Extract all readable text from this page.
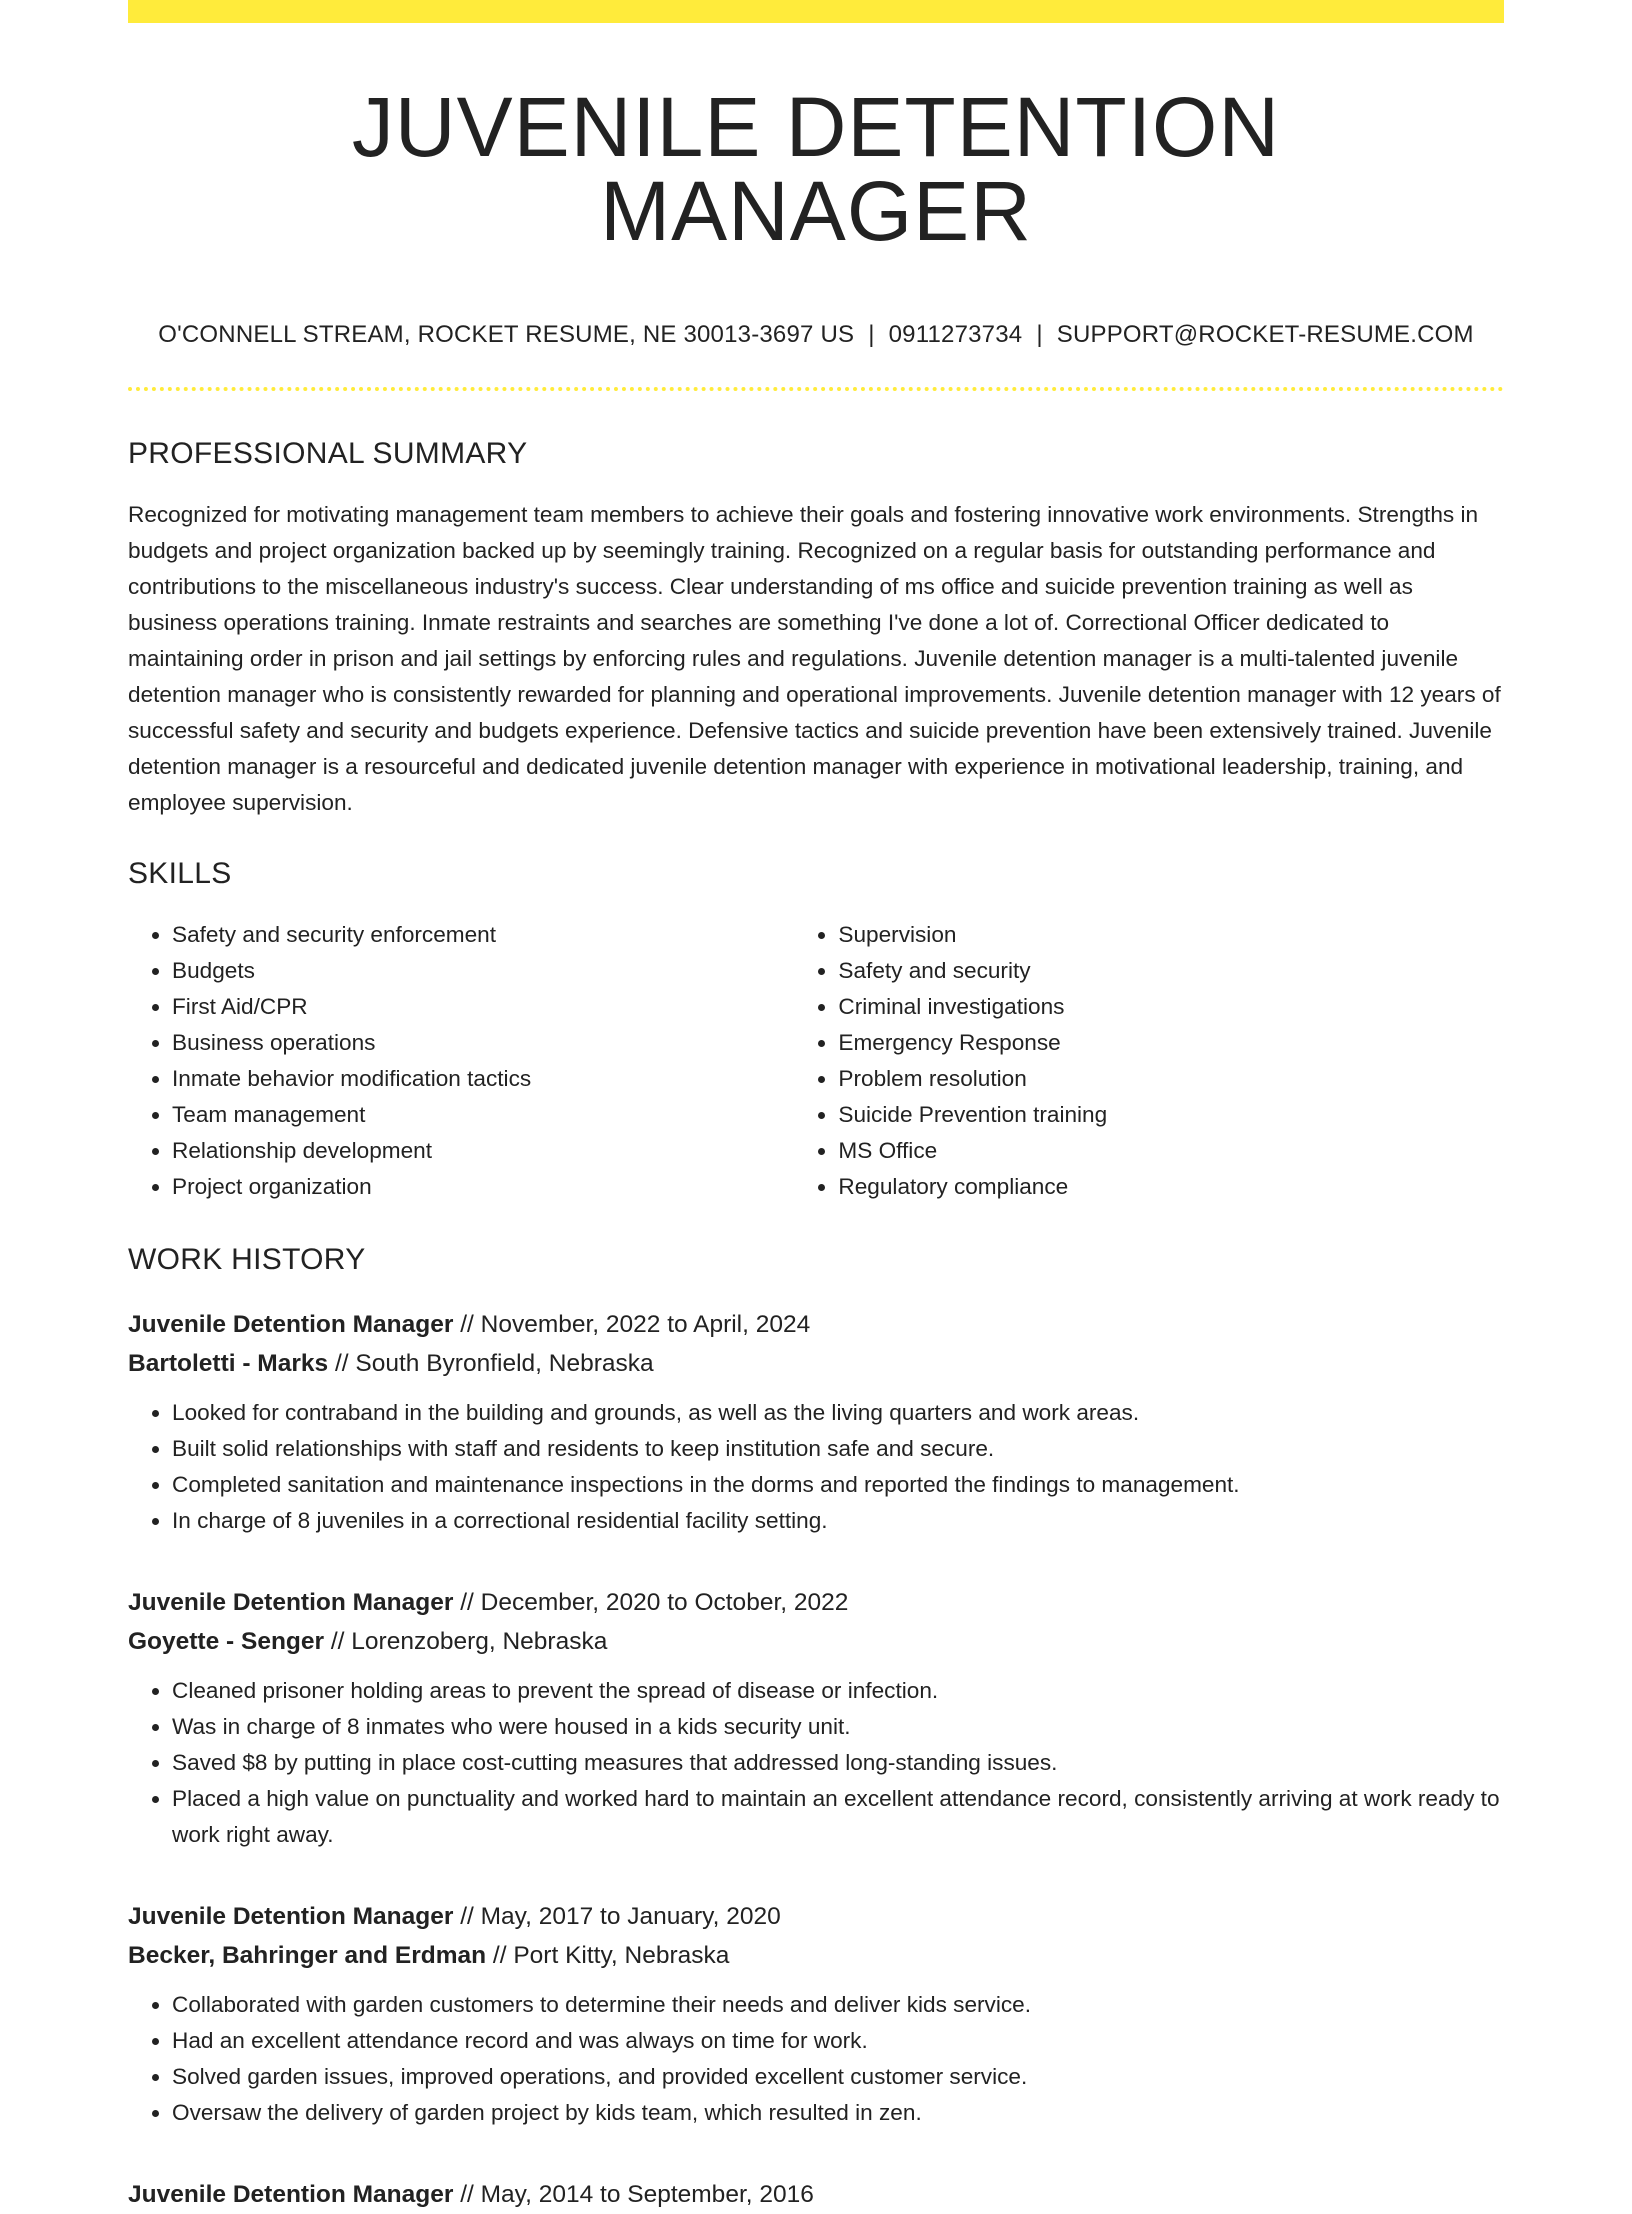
JUVENILE DETENTION MANAGER
O'CONNELL STREAM, ROCKET RESUME, NE 30013-3697 US | 0911273734 | SUPPORT@ROCKET-RESUME.COM
PROFESSIONAL SUMMARY

Recognized for motivating management team members to achieve their goals and fostering innovative work environments. Strengths in budgets and project organization backed up by seemingly training. Recognized on a regular basis for outstanding performance and contributions to the miscellaneous industry's success. Clear understanding of ms office and suicide prevention training as well as business operations training. Inmate restraints and searches are something I've done a lot of. Correctional Officer dedicated to maintaining order in prison and jail settings by enforcing rules and regulations. Juvenile detention manager is a multi-talented juvenile detention manager who is consistently rewarded for planning and operational improvements. Juvenile detention manager with 12 years of successful safety and security and budgets experience. Defensive tactics and suicide prevention have been extensively trained. Juvenile detention manager is a resourceful and dedicated juvenile detention manager with experience in motivational leadership, training, and employee supervision.

SKILLS
• Safety and security enforcement
• Budgets
• First Aid/CPR
• Business operations
• Inmate behavior modification tactics
• Team management
• Relationship development
• Project organization
• Supervision
• Safety and security
• Criminal investigations
• Emergency Response
• Problem resolution
• Suicide Prevention training
• MS Office
• Regulatory compliance
WORK HISTORY
Juvenile Detention Manager // November, 2022 to April, 2024
Bartoletti - Marks // South Byronfield, Nebraska
• Looked for contraband in the building and grounds, as well as the living quarters and work areas.
• Built solid relationships with staff and residents to keep institution safe and secure.
• Completed sanitation and maintenance inspections in the dorms and reported the findings to management.
• In charge of 8 juveniles in a correctional residential facility setting.
Juvenile Detention Manager // December, 2020 to October, 2022
Goyette - Senger // Lorenzoberg, Nebraska
• Cleaned prisoner holding areas to prevent the spread of disease or infection.
• Was in charge of 8 inmates who were housed in a kids security unit.
• Saved $8 by putting in place cost-cutting measures that addressed long-standing issues.
• Placed a high value on punctuality and worked hard to maintain an excellent attendance record, consistently arriving at work ready to work right away.
Juvenile Detention Manager // May, 2017 to January, 2020
Becker, Bahringer and Erdman // Port Kitty, Nebraska
• Collaborated with garden customers to determine their needs and deliver kids service.
• Had an excellent attendance record and was always on time for work.
• Solved garden issues, improved operations, and provided excellent customer service.
• Oversaw the delivery of garden project by kids team, which resulted in zen.
Juvenile Detention Manager // May, 2014 to September, 2016
